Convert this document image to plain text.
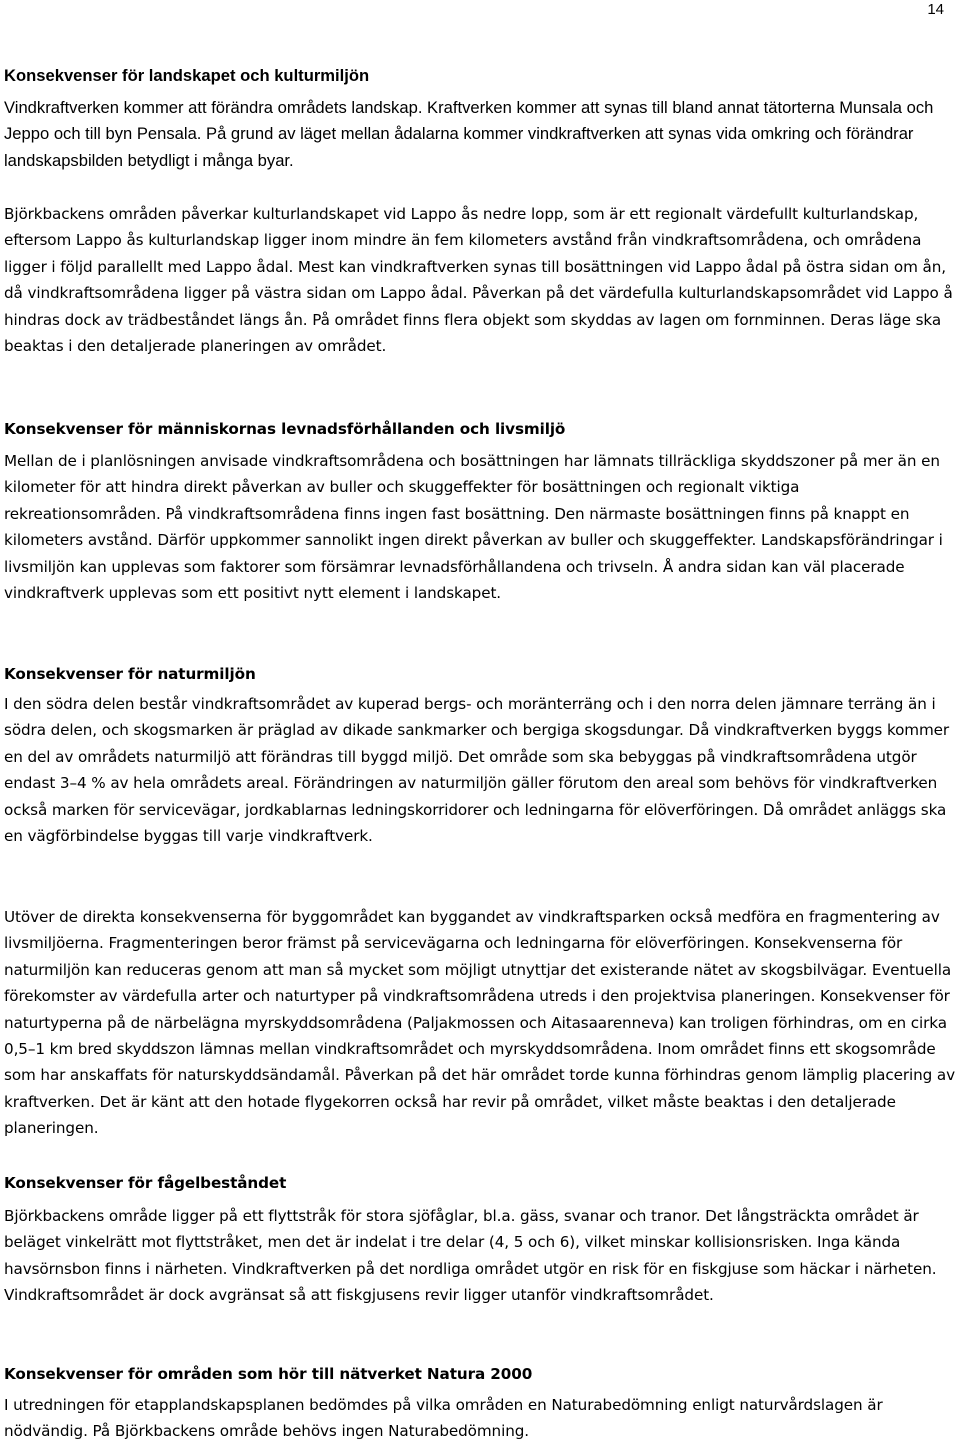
14
Konsekvenser för landskapet och kulturmiljön

Vindkraftverken kommer att förändra områdets landskap. Kraftverken kommer att synas till bland annat tätorterna Munsala och Jeppo och till byn Pensala. På grund av läget mellan ådalarna kommer vindkraftverken att synas vida omkring och förändrar landskapsbilden betydligt i många byar.

Björkbackens områden påverkar kulturlandskapet vid Lappo ås nedre lopp, som är ett regionalt värdefullt kulturlandskap, eftersom Lappo ås kulturlandskap ligger inom mindre än fem kilometers avstånd från vindkraftsområdena, och områdena ligger i följd parallellt med Lappo ådal. Mest kan vindkraftverken synas till bosättningen vid Lappo ådal på östra sidan om ån, då vindkraftsområdena ligger på västra sidan om Lappo ådal. Påverkan på det värdefulla kulturlandskapsområdet vid Lappo å hindras dock av trädbeståndet längs ån. På området finns flera objekt som skyddas av lagen om fornminnen. Deras läge ska beaktas i den detaljerade planeringen av området.

Konsekvenser för människornas levnadsförhållanden och livsmiljö

Mellan de i planlösningen anvisade vindkraftsområdena och bosättningen har lämnats tillräckliga skyddszoner på mer än en kilometer för att hindra direkt påverkan av buller och skuggeffekter för bosättningen och regionalt viktiga rekreationsområden. På vindkraftsområdena finns ingen fast bosättning. Den närmaste bosättningen finns på knappt en kilometers avstånd. Därför uppkommer sannolikt ingen direkt påverkan av buller och skuggeffekter. Landskapsförändringar i livsmiljön kan upplevas som faktorer som försämrar levnadsförhållandena och trivseln. Å andra sidan kan väl placerade vindkraftverk upplevas som ett positivt nytt element i landskapet.

Konsekvenser för naturmiljön

I den södra delen består vindkraftsområdet av kuperad bergs- och moränterräng och i den norra delen jämnare terräng än i södra delen, och skogsmarken är präglad av dikade sankmarker och bergiga skogsdungar. Då vindkraftverken byggs kommer en del av områdets naturmiljö att förändras till byggd miljö. Det område som ska bebyggas på vindkraftsområdena utgör endast 3–4 % av hela områdets areal. Förändringen av naturmiljön gäller förutom den areal som behövs för vindkraftverken också marken för servicevägar, jordkablarnas ledningskorridorer och ledningarna för elöverföringen. Då området anläggs ska en vägförbindelse byggas till varje vindkraftverk.

Utöver de direkta konsekvenserna för byggområdet kan byggandet av vindkraftsparken också medföra en fragmentering av livsmiljöerna. Fragmenteringen beror främst på servicevägarna och ledningarna för elöverföringen. Konsekvenserna för naturmiljön kan reduceras genom att man så mycket som möjligt utnyttjar det existerande nätet av skogsbilvägar. Eventuella förekomster av värdefulla arter och naturtyper på vindkraftsområdena utreds i den projektvisa planeringen. Konsekvenser för naturtyperna på de närbelägna myrskyddsområdena (Paljakmossen och Aitasaarenneva) kan troligen förhindras, om en cirka 0,5–1 km bred skyddszon lämnas mellan vindkraftsområdet och myrskyddsområdena. Inom området finns ett skogsområde som har anskaffats för naturskyddsändamål. Påverkan på det här området torde kunna förhindras genom lämplig placering av kraftverken. Det är känt att den hotade flygekorren också har revir på området, vilket måste beaktas i den detaljerade planeringen.

Konsekvenser för fågelbeståndet

Björkbackens område ligger på ett flyttstråk för stora sjöfåglar, bl.a. gäss, svanar och tranor. Det långsträckta området är beläget vinkelrätt mot flyttstråket, men det är indelat i tre delar (4, 5 och 6), vilket minskar kollisionsrisken. Inga kända havsörnsbon finns i närheten. Vindkraftverken på det nordliga området utgör en risk för en fiskgjuse som häckar i närheten. Vindkraftsområdet är dock avgränsat så att fiskgjusens revir ligger utanför vindkraftsområdet.

Konsekvenser för områden som hör till nätverket Natura 2000

I utredningen för etapplandskapsplanen bedömdes på vilka områden en Naturabedömning enligt naturvårdslagen är nödvändig. På Björkbackens område behövs ingen Naturabedömning.
